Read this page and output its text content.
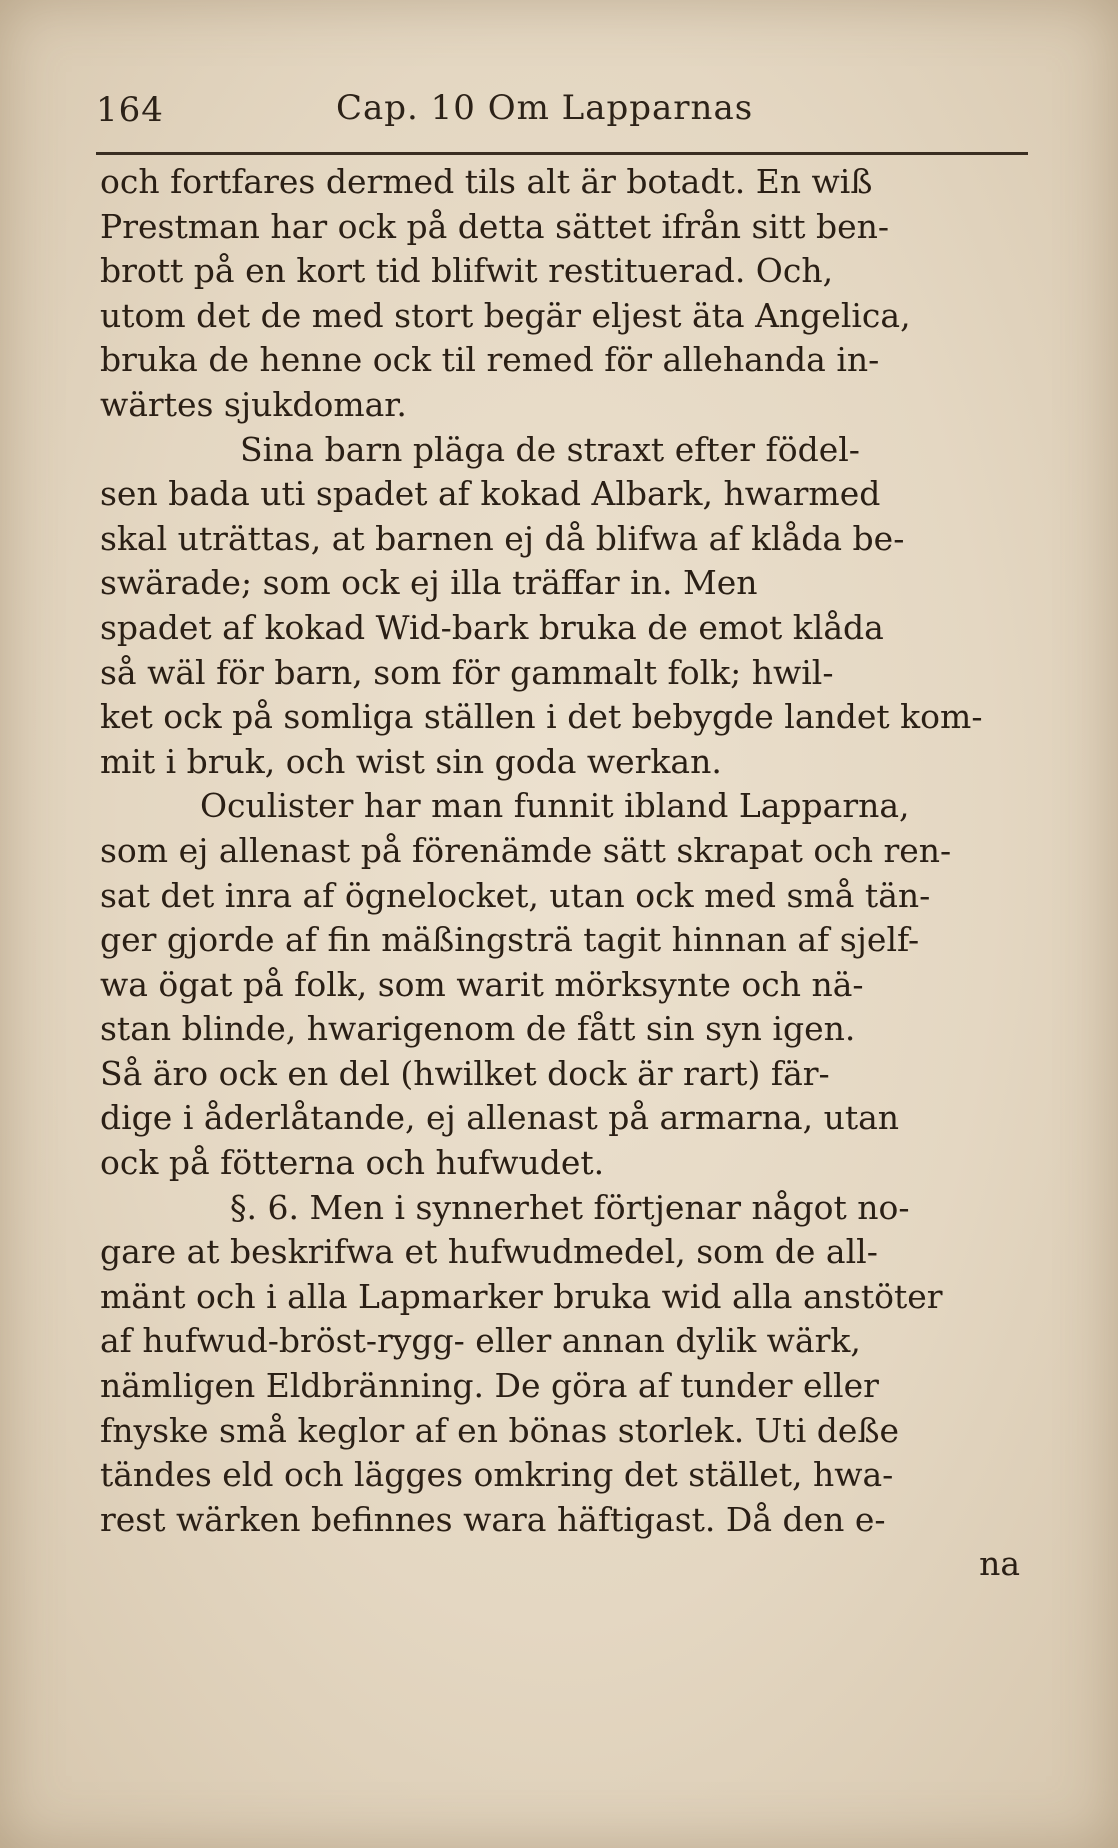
164	Cap. 10 Om Lapparnas
och fortfares dermed tils alt är botadt. En wiß
Prestman har ock på detta sättet ifrån sitt ben-
brott på en kort tid blifwit restituerad. Och,
utom det de med stort begär eljest äta Angelica,
bruka de henne ock til remed för allehanda in-
wärtes sjukdomar.
Sina barn pläga de straxt efter födel-
sen bada uti spadet af kokad Albark, hwarmed
skal uträttas, at barnen ej då blifwa af klåda be-
swärade; som ock ej illa träffar in. Men
spadet af kokad Wid-bark bruka de emot klåda
så wäl för barn, som för gammalt folk; hwil-
ket ock på somliga ställen i det bebygde landet kom-
mit i bruk, och wist sin goda werkan.
Oculister har man funnit ibland Lapparna,
som ej allenast på förenämde sätt skrapat och ren-
sat det inra af ögnelocket, utan ock med små tän-
ger gjorde af fin mäßingsträ tagit hinnan af sjelf-
wa ögat på folk, som warit mörksynte och nä-
stan blinde, hwarigenom de fått sin syn igen.
Så äro ock en del (hwilket dock är rart) fär-
dige i åderlåtande, ej allenast på armarna, utan
ock på fötterna och hufwudet.
§. 6. Men i synnerhet förtjenar något no-
gare at beskrifwa et hufwudmedel, som de all-
mänt och i alla Lapmarker bruka wid alla anstöter
af hufwud-bröst-rygg- eller annan dylik wärk,
nämligen Eldbränning. De göra af tunder eller
fnyske små keglor af en bönas storlek. Uti deße
tändes eld och lägges omkring det stället, hwa-
rest wärken befinnes wara häftigast. Då den e-
na
